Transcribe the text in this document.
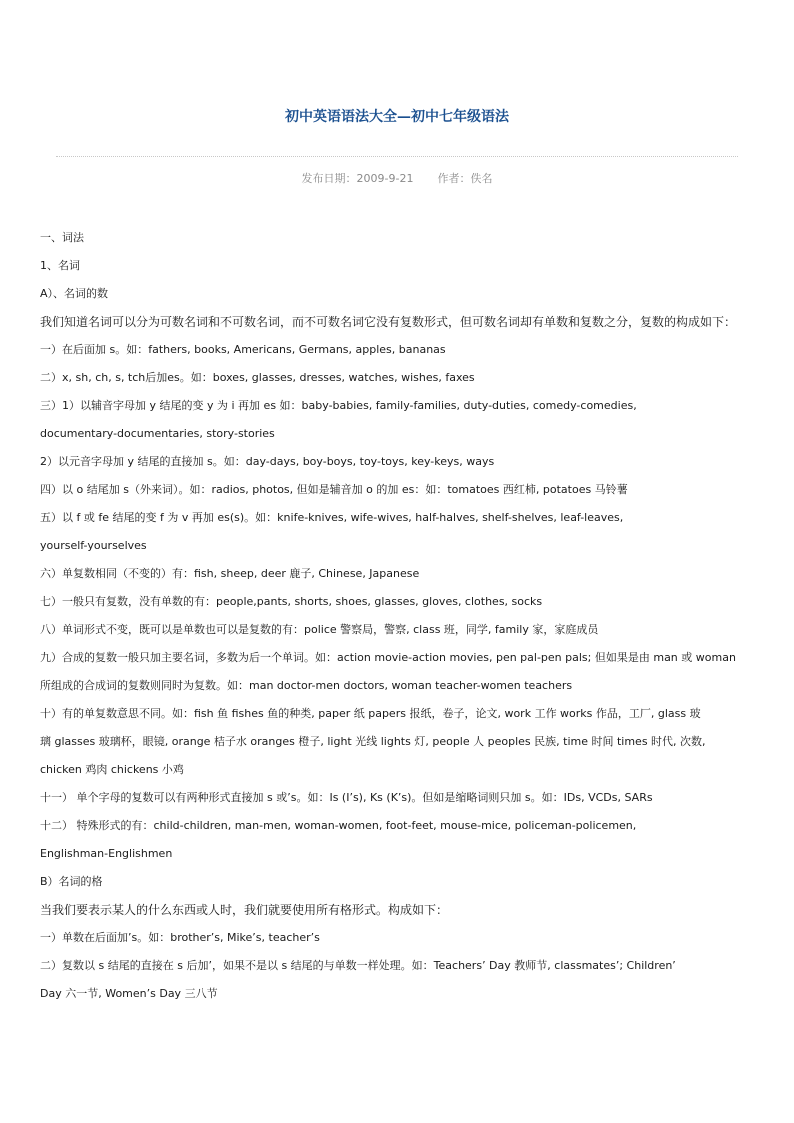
初中英语语法大全—初中七年级语法
发布日期：2009-9-21 作者：佚名
一、词法
1、名词
A）、名词的数
我们知道名词可以分为可数名词和不可数名词，而不可数名词它没有复数形式，但可数名词却有单数和复数之分，复数的构成如下：
一）在后面加 s。如：fathers, books, Americans, Germans, apples, bananas
二）x, sh, ch, s, tch后加es。如：boxes, glasses, dresses, watches, wishes, faxes
三）1）以辅音字母加 y 结尾的变 y 为 i 再加 es 如：baby-babies, family-families, duty-duties, comedy-comedies,
documentary-documentaries, story-stories
2）以元音字母加 y 结尾的直接加 s。如：day-days, boy-boys, toy-toys, key-keys, ways
四）以 o 结尾加 s（外来词）。如：radios, photos, 但如是辅音加 o 的加 es：如：tomatoes 西红柿, potatoes 马铃薯
五）以 f 或 fe 结尾的变 f 为 v 再加 es(s)。如：knife-knives, wife-wives, half-halves, shelf-shelves, leaf-leaves,
yourself-yourselves
六）单复数相同（不变的）有：fish, sheep, deer 鹿子, Chinese, Japanese
七）一般只有复数，没有单数的有：people,pants, shorts, shoes, glasses, gloves, clothes, socks
八）单词形式不变，既可以是单数也可以是复数的有：police 警察局，警察, class 班，同学, family 家，家庭成员
九）合成的复数一般只加主要名词，多数为后一个单词。如：action movie-action movies, pen pal-pen pals; 但如果是由 man 或 woman
所组成的合成词的复数则同时为复数。如：man doctor-men doctors, woman teacher-women teachers
十）有的单复数意思不同。如：fish 鱼 fishes 鱼的种类, paper 纸 papers 报纸，卷子，论文, work 工作 works 作品，工厂, glass 玻
璃 glasses 玻璃杯，眼镜, orange 桔子水 oranges 橙子, light 光线 lights 灯, people 人 peoples 民族, time 时间 times 时代, 次数,
chicken 鸡肉 chickens 小鸡
十一） 单个字母的复数可以有两种形式直接加 s 或’s。如：Is (I’s), Ks (K’s)。但如是缩略词则只加 s。如：IDs, VCDs, SARs
十二） 特殊形式的有：child-children, man-men, woman-women, foot-feet, mouse-mice, policeman-policemen,
Englishman-Englishmen
B）名词的格
当我们要表示某人的什么东西或人时，我们就要使用所有格形式。构成如下：
一）单数在后面加’s。如：brother’s, Mike’s, teacher’s
二）复数以 s 结尾的直接在 s 后加’，如果不是以 s 结尾的与单数一样处理。如：Teachers’ Day 教师节, classmates’; Children’
Day 六一节, Women’s Day 三八节
